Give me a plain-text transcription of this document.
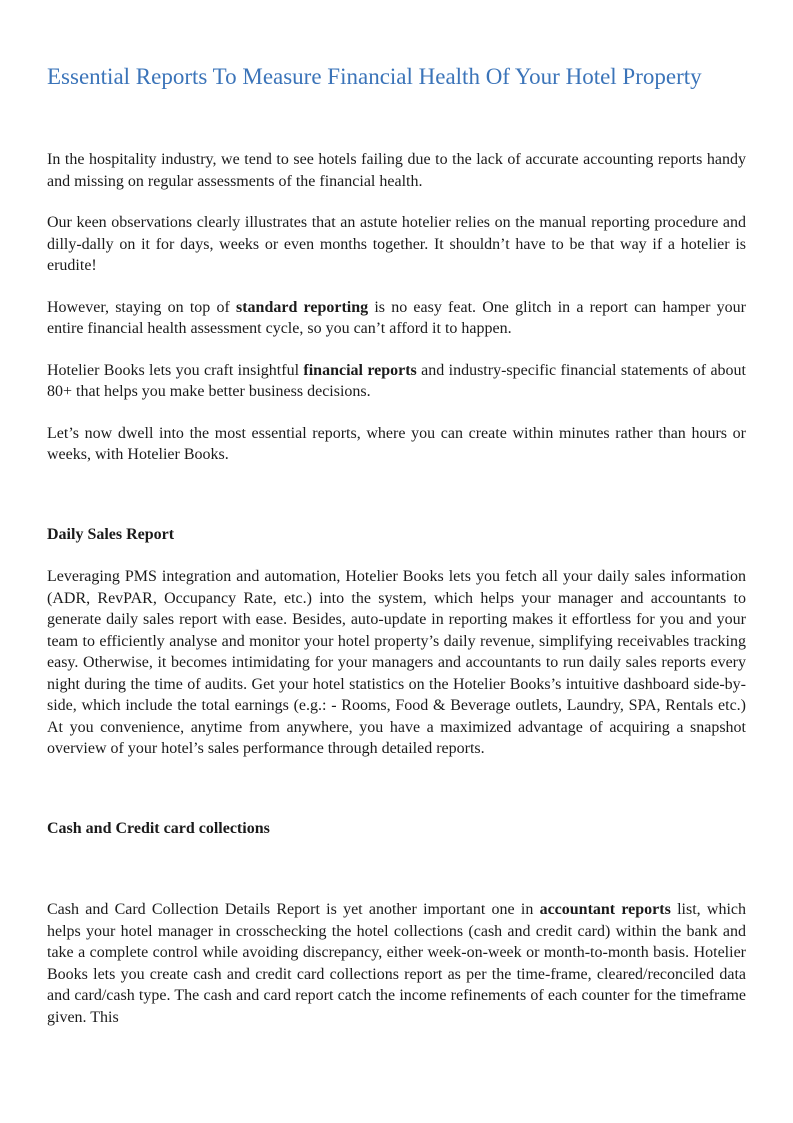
Essential Reports To Measure Financial Health Of Your Hotel Property

In the hospitality industry, we tend to see hotels failing due to the lack of accurate accounting reports handy and missing on regular assessments of the financial health.

Our keen observations clearly illustrates that an astute hotelier relies on the manual reporting procedure and dilly-dally on it for days, weeks or even months together. It shouldn’t have to be that way if a hotelier is erudite!

However, staying on top of standard reporting is no easy feat. One glitch in a report can hamper your entire financial health assessment cycle, so you can’t afford it to happen.

Hotelier Books lets you craft insightful financial reports and industry-specific financial statements of about 80+ that helps you make better business decisions.

Let’s now dwell into the most essential reports, where you can create within minutes rather than hours or weeks, with Hotelier Books.

Daily Sales Report

Leveraging PMS integration and automation, Hotelier Books lets you fetch all your daily sales information (ADR, RevPAR, Occupancy Rate, etc.) into the system, which helps your manager and accountants to generate daily sales report with ease. Besides, auto-update in reporting makes it effortless for you and your team to efficiently analyse and monitor your hotel property’s daily revenue, simplifying receivables tracking easy. Otherwise, it becomes intimidating for your managers and accountants to run daily sales reports every night during the time of audits. Get your hotel statistics on the Hotelier Books’s intuitive dashboard side-by-side, which include the total earnings (e.g.: - Rooms, Food & Beverage outlets, Laundry, SPA, Rentals etc.) At you convenience, anytime from anywhere, you have a maximized advantage of acquiring a snapshot overview of your hotel’s sales performance through detailed reports.

Cash and Credit card collections

Cash and Card Collection Details Report is yet another important one in accountant reports list, which helps your hotel manager in crosschecking the hotel collections (cash and credit card) within the bank and take a complete control while avoiding discrepancy, either week-on-week or month-to-month basis. Hotelier Books lets you create cash and credit card collections report as per the time-frame, cleared/reconciled data and card/cash type. The cash and card report catch the income refinements of each counter for the timeframe given. This
